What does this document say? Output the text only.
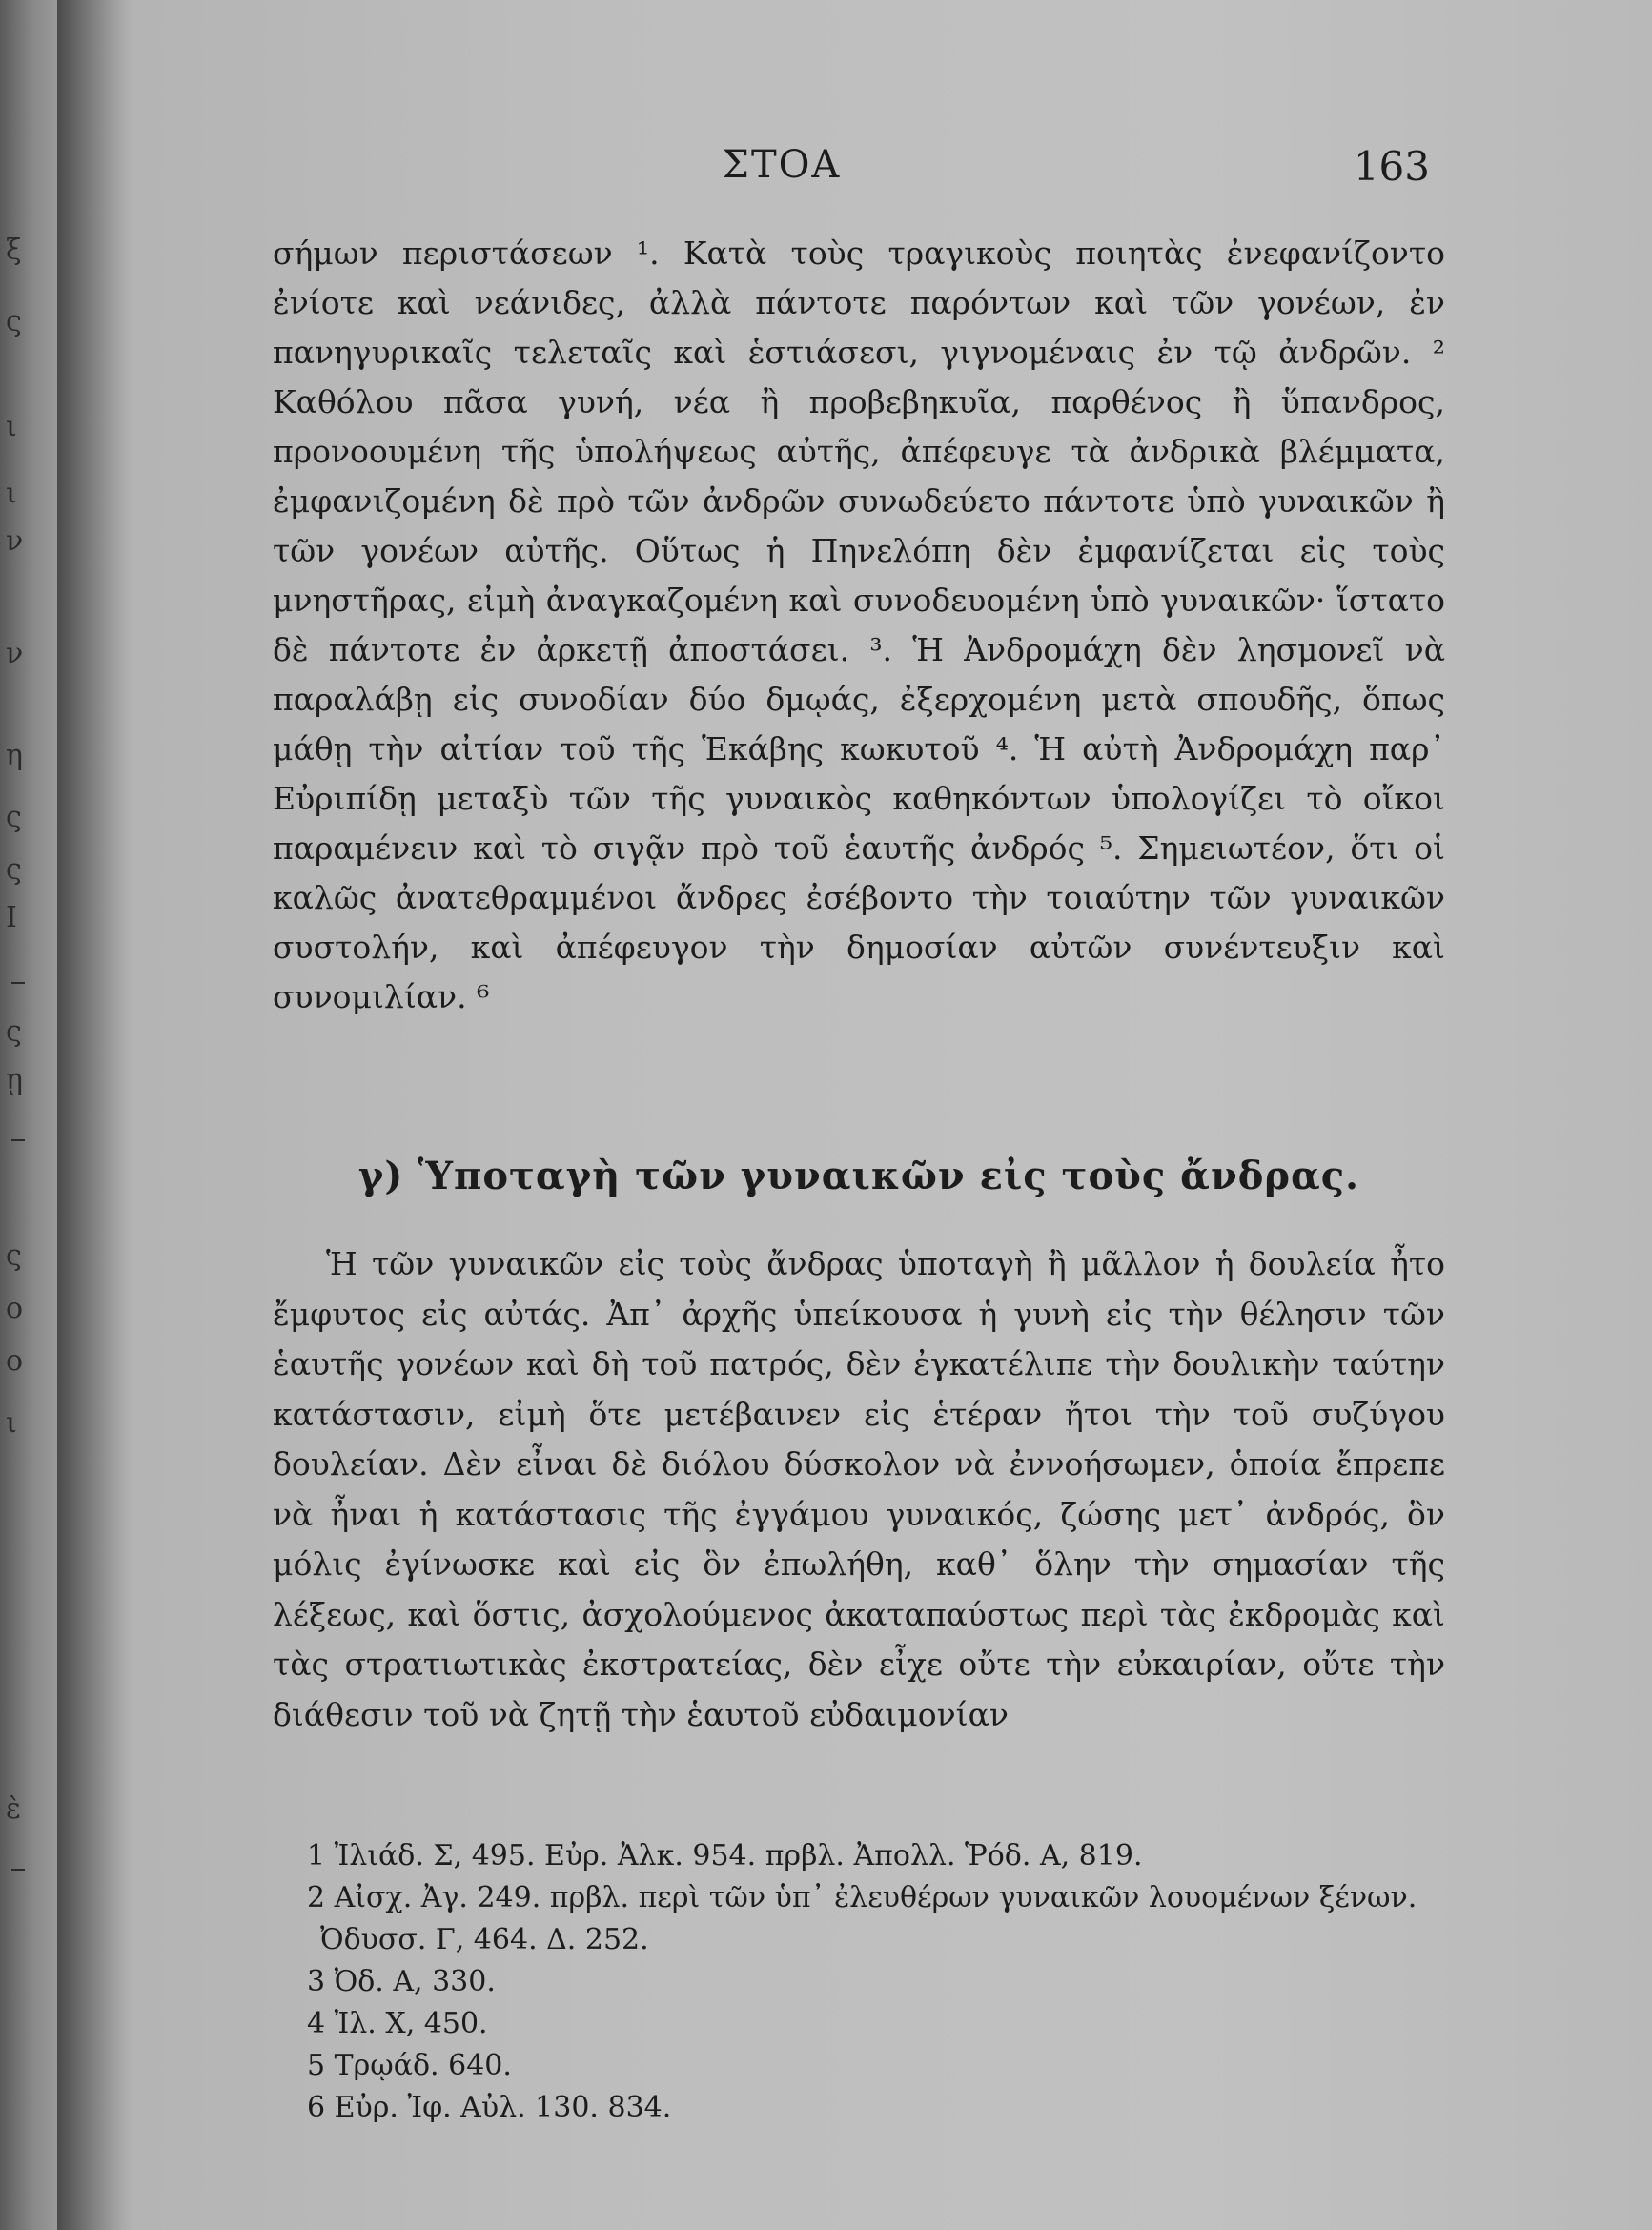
ξ
ς
ι
ι
ν
ν
η
ς
ς
Ι
ς
ῃ
ς
ο
ο
ι
ὲ
ΣΤΟΑ	163

σήμων περιστάσεων ¹. Κατὰ τοὺς τραγικοὺς ποιητὰς ἐνεφανίζοντο ἐνίοτε καὶ νεάνιδες, ἀλλὰ πάντοτε παρόντων καὶ τῶν γονέων, ἐν πανηγυρικαῖς τελεταῖς καὶ ἑστιάσεσι, γιγνομέναις ἐν τῷ ἀνδρῶν. ² Καθόλου πᾶσα γυνή, νέα ἢ προβεβηκυῖα, παρθένος ἢ ὕπανδρος, προνοουμένη τῆς ὑπολήψεως αὐτῆς, ἀπέφευγε τὰ ἀνδρικὰ βλέμματα, ἐμφανιζομένη δὲ πρὸ τῶν ἀνδρῶν συνωδεύετο πάντοτε ὑπὸ γυναικῶν ἢ τῶν γονέων αὐτῆς. Οὕτως ἡ Πηνελόπη δὲν ἐμφανίζεται εἰς τοὺς μνηστῆρας, εἰμὴ ἀναγκαζομένη καὶ συνοδευομένη ὑπὸ γυναικῶν· ἵστατο δὲ πάντοτε ἐν ἀρκετῇ ἀποστάσει. ³. Ἡ Ἀνδρομάχη δὲν λησμονεῖ νὰ παραλάβῃ εἰς συνοδίαν δύο δμῳάς, ἐξερχομένη μετὰ σπουδῆς, ὅπως μάθῃ τὴν αἰτίαν τοῦ τῆς Ἑκάβης κωκυτοῦ ⁴. Ἡ αὐτὴ Ἀνδρομάχη παρ᾽ Εὐριπίδῃ μεταξὺ τῶν τῆς γυναικὸς καθηκόντων ὑπολογίζει τὸ οἴκοι παραμένειν καὶ τὸ σιγᾷν πρὸ τοῦ ἑαυτῆς ἀνδρός ⁵. Σημειωτέον, ὅτι οἱ καλῶς ἀνατεθραμμένοι ἄνδρες ἐσέβοντο τὴν τοιαύτην τῶν γυναικῶν συστολήν, καὶ ἀπέφευγον τὴν δημοσίαν αὐτῶν συνέντευξιν καὶ συνομιλίαν. ⁶

γ) Ὑποταγὴ τῶν γυναικῶν εἰς τοὺς ἄνδρας.

Ἡ τῶν γυναικῶν εἰς τοὺς ἄνδρας ὑποταγὴ ἢ μᾶλλον ἡ δουλεία ἦτο ἔμφυτος εἰς αὐτάς. Ἀπ᾽ ἀρχῆς ὑπείκουσα ἡ γυνὴ εἰς τὴν θέλησιν τῶν ἑαυτῆς γονέων καὶ δὴ τοῦ πατρός, δὲν ἐγκατέλιπε τὴν δουλικὴν ταύτην κατάστασιν, εἰμὴ ὅτε μετέβαινεν εἰς ἑτέραν ἤτοι τὴν τοῦ συζύγου δουλείαν. Δὲν εἶναι δὲ διόλου δύσκολον νὰ ἐννοήσωμεν, ὁποία ἔπρεπε νὰ ἦναι ἡ κατάστασις τῆς ἐγγάμου γυναικός, ζώσης μετ᾽ ἀνδρός, ὃν μόλις ἐγίνωσκε καὶ εἰς ὃν ἐπωλήθη, καθ᾽ ὅλην τὴν σημασίαν τῆς λέξεως, καὶ ὅστις, ἀσχολούμενος ἀκαταπαύστως περὶ τὰς ἐκδρομὰς καὶ τὰς στρατιωτικὰς ἐκστρατείας, δὲν εἶχε οὔτε τὴν εὐκαιρίαν, οὔτε τὴν διάθεσιν τοῦ νὰ ζητῇ τὴν ἑαυτοῦ εὐδαιμονίαν

1 Ἰλιάδ. Σ, 495. Εὐρ. Ἀλκ. 954. πρβλ. Ἀπολλ. Ῥόδ. Α, 819.
2 Αἰσχ. Ἀγ. 249. πρβλ. περὶ τῶν ὑπ᾽ ἐλευθέρων γυναικῶν λουομένων ξένων. Ὀδυσσ. Γ, 464. Δ. 252.
3 Ὀδ. Α, 330.
4 Ἰλ. Χ, 450.
5 Τρῳάδ. 640.
6 Εὐρ. Ἰφ. Αὐλ. 130. 834.
